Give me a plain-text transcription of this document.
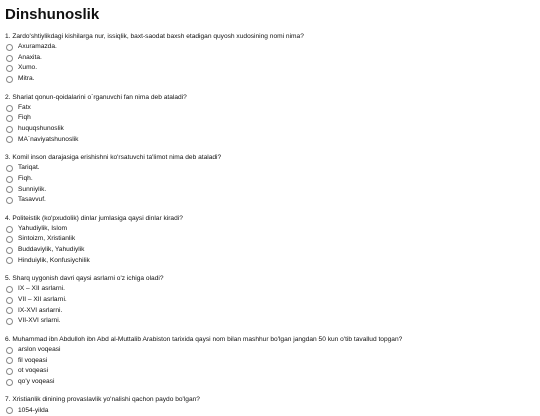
Dinshunoslik
1. Zardo'shtiylikdagi kishilarga nur, issiqlik, baxt-saodat baxsh etadigan quyosh xudosining nomi nima?
Axuramazda.
Anaxita.
Xumo.
Mitra.
2. Shariat qonun-qoidalarini o`rganuvchi fan nima deb ataladi?
Fatx
Fiqh
huquqshunoslik
MA`naviyatshunoslik
3. Komil inson darajasiga erishishni ko'rsatuvchi ta'limot nima deb ataladi?
Tariqat.
Fiqh.
Sunniylik.
Tasavvuf.
4. Politeistik (ko'pxudolik) dinlar jumlasiga qaysi dinlar kiradi?
Yahudiylik, Islom
Sintoizm, Xristianlik
Buddaviylik, Yahudiylik
Hinduiylik, Konfusiychilik
5. Sharq uygonish davri qaysi asrlarni o'z ichiga oladi?
IX – XII asrlarni.
VII – XII asrlarni.
IX-XVI asrlarni.
VII-XVI srlarni.
6. Muhammad ibn Abdulloh ibn Abd al-Muttalib Arabiston tarixida qaysi nom bilan mashhur bo'lgan jangdan 50 kun o'tib tavallud topgan?
arslon voqeasi
fil voqeasi
ot voqeasi
qo'y voqeasi
7. Xristianlik dinining provaslavlik yo'nalishi qachon paydo bo'lgan?
1054-yilda
